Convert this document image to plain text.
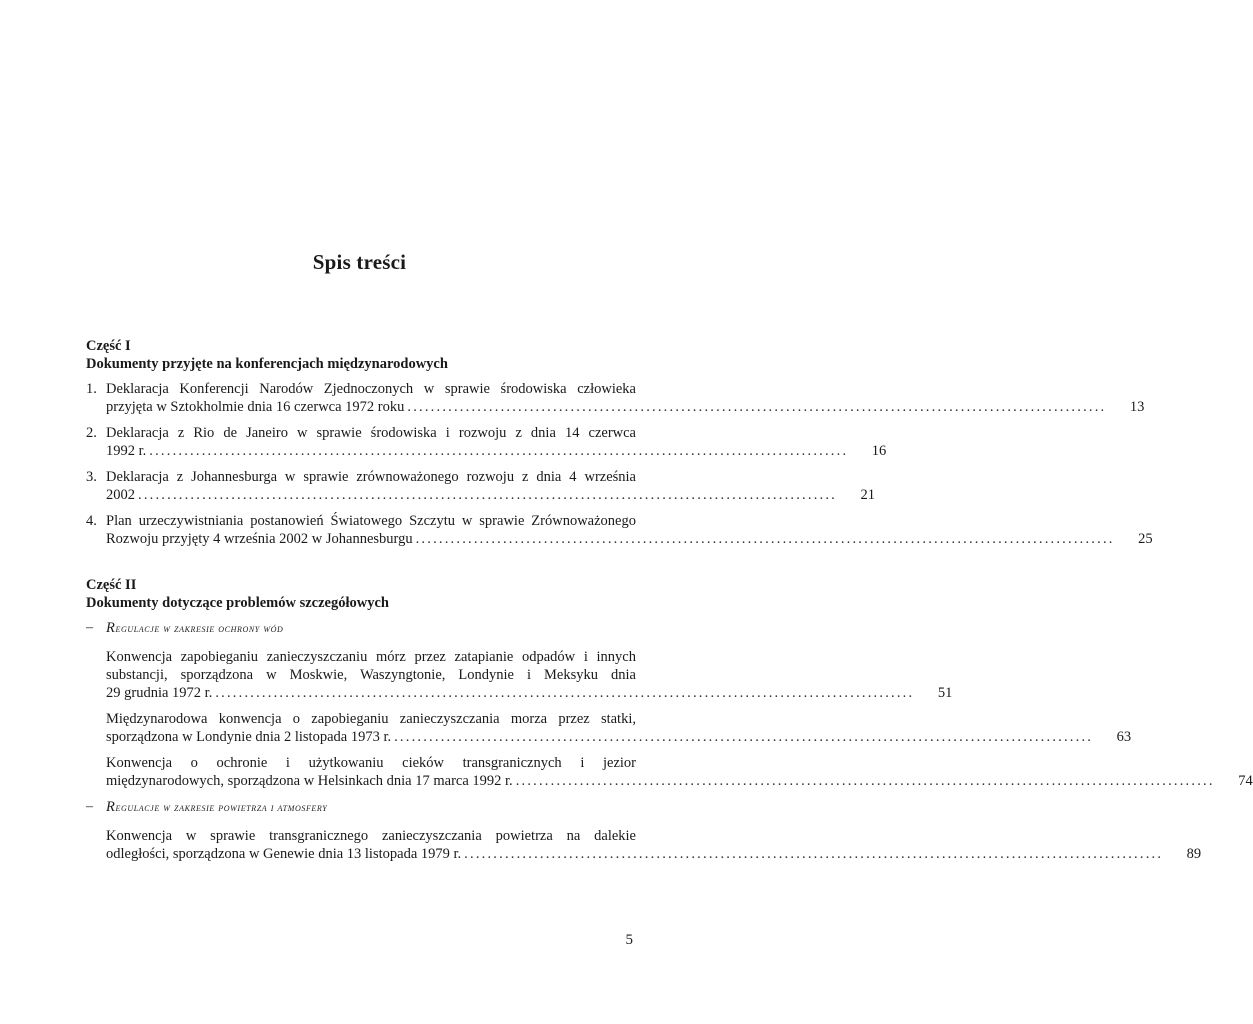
Spis treści
Część I
Dokumenty przyjęte na konferencjach międzynarodowych
1. Deklaracja Konferencji Narodów Zjednoczonych w sprawie środowiska człowieka
przyjęta w Sztokholmie dnia 16 czerwca 1972 roku ........................................................................................................................	13
2. Deklaracja z Rio de Janeiro w sprawie środowiska i rozwoju z dnia 14 czerwca
1992 r. ........................................................................................................................	16
3. Deklaracja z Johannesburga w sprawie zrównoważonego rozwoju z dnia 4 września
2002 ........................................................................................................................	21
4. Plan urzeczywistniania postanowień Światowego Szczytu w sprawie Zrównoważonego
Rozwoju przyjęty 4 września 2002 w Johannesburgu ........................................................................................................................	25
Część II
Dokumenty dotyczące problemów szczegółowych
– Regulacje w zakresie ochrony wód
Konwencja zapobieganiu zanieczyszczaniu mórz przez zatapianie odpadów i innych
substancji, sporządzona w Moskwie, Waszyngtonie, Londynie i Meksyku dnia
29 grudnia 1972 r. ........................................................................................................................	51
Międzynarodowa konwencja o zapobieganiu zanieczyszczania morza przez statki,
sporządzona w Londynie dnia 2 listopada 1973 r. ........................................................................................................................	63
Konwencja o ochronie i użytkowaniu cieków transgranicznych i jezior
międzynarodowych, sporządzona w Helsinkach dnia 17 marca 1992 r. ........................................................................................................................	74
– Regulacje w zakresie powietrza i atmosfery
Konwencja w sprawie transgranicznego zanieczyszczania powietrza na dalekie
odległości, sporządzona w Genewie dnia 13 listopada 1979 r. ........................................................................................................................	89
5
